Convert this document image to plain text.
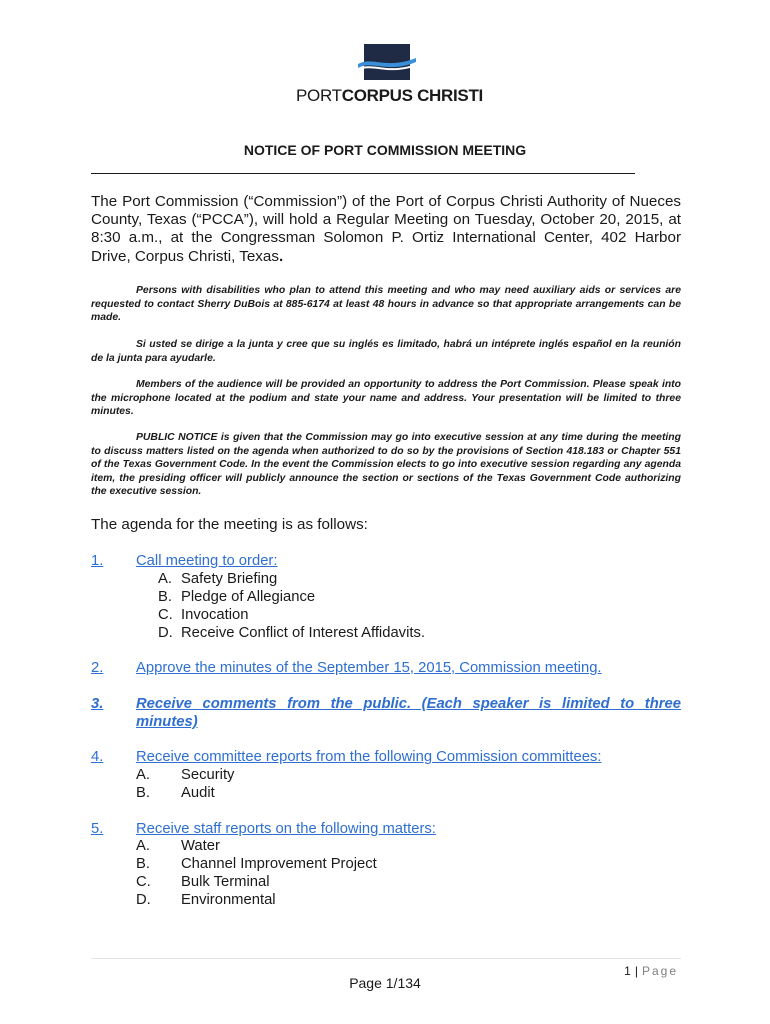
PORTCORPUS CHRISTI
NOTICE OF PORT COMMISSION MEETING

The Port Commission (“Commission”) of the Port of Corpus Christi Authority of Nueces County, Texas (“PCCA”), will hold a Regular Meeting on Tuesday, October 20, 2015, at 8:30 a.m., at the Congressman Solomon P. Ortiz International Center, 402 Harbor Drive, Corpus Christi, Texas.

Persons with disabilities who plan to attend this meeting and who may need auxiliary aids or services are requested to contact Sherry DuBois at 885-6174 at least 48 hours in advance so that appropriate arrangements can be made.

Si usted se dirige a la junta y cree que su inglés es limitado, habrá un intéprete inglés español en la reunión de la junta para ayudarle.

Members of the audience will be provided an opportunity to address the Port Commission. Please speak into the microphone located at the podium and state your name and address. Your presentation will be limited to three minutes.

PUBLIC NOTICE is given that the Commission may go into executive session at any time during the meeting to discuss matters listed on the agenda when authorized to do so by the provisions of Section 418.183 or Chapter 551 of the Texas Government Code. In the event the Commission elects to go into executive session regarding any agenda item, the presiding officer will publicly announce the section or sections of the Texas Government Code authorizing the executive session.

The agenda for the meeting is as follows:

1. Call meeting to order:
A. Safety Briefing
B. Pledge of Allegiance
C. Invocation
D. Receive Conflict of Interest Affidavits.
2. Approve the minutes of the September 15, 2015, Commission meeting.
3. Receive comments from the public. (Each speaker is limited to three
minutes)
4. Receive committee reports from the following Commission committees:
A. Security
B. Audit
5. Receive staff reports on the following matters:
A. Water
B. Channel Improvement Project
C. Bulk Terminal
D. Environmental
1 | Page
Page 1/134
